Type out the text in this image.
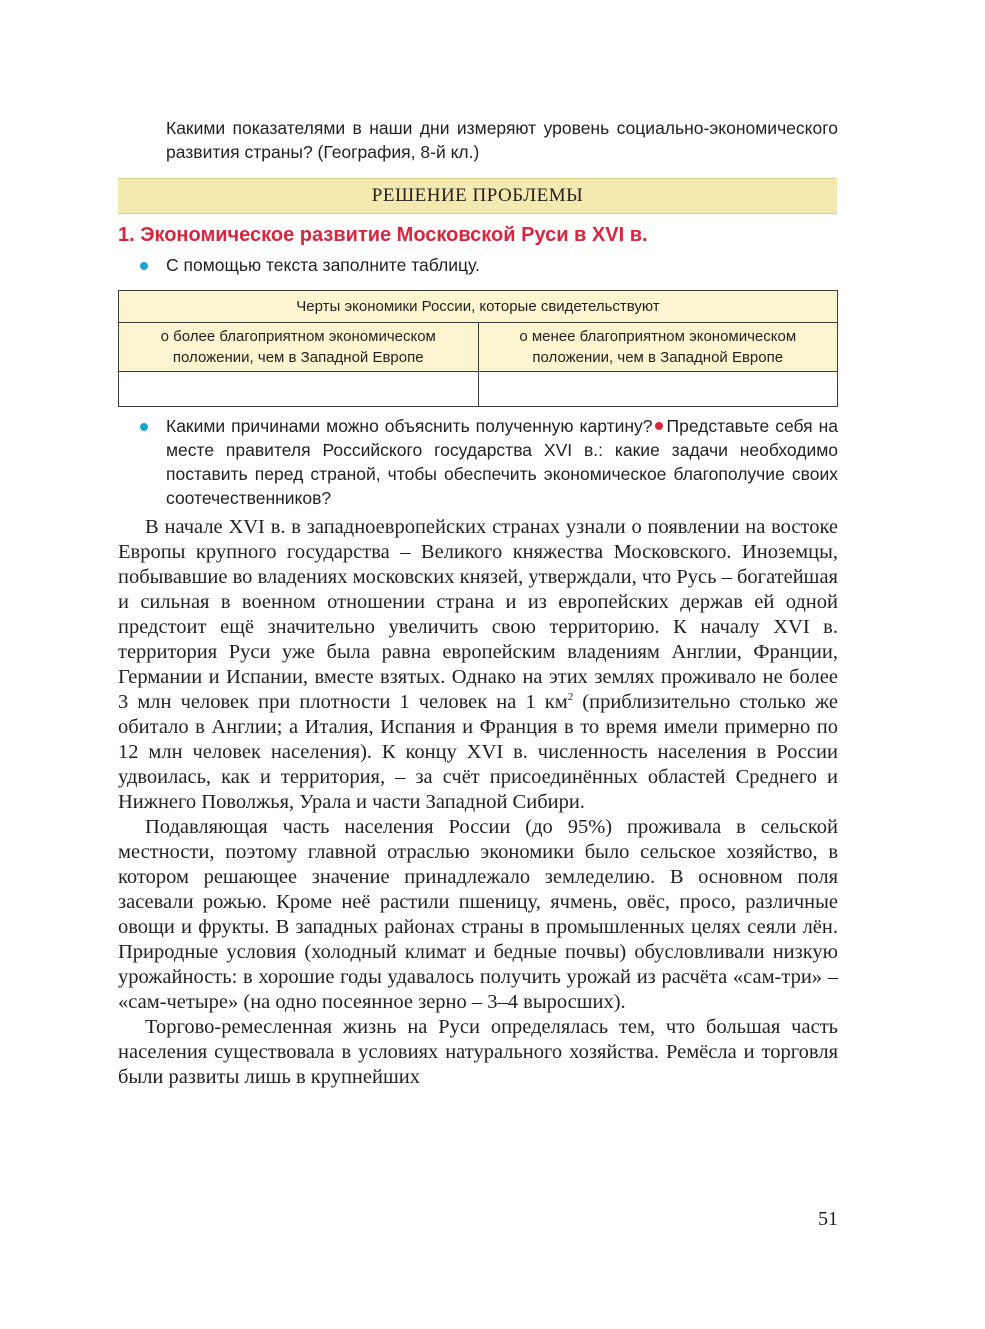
Какими показателями в наши дни измеряют уровень социально-экономического развития страны? (География, 8-й кл.)
РЕШЕНИЕ ПРОБЛЕМЫ
1. Экономическое развитие Московской Руси в XVI в.
С помощью текста заполните таблицу.
Черты экономики России, которые свидетельствуют	
о более благоприятном экономическом положении, чем в Западной Европе	о менее благоприятном экономическом положении, чем в Западной Европе

Какими причинами можно объяснить полученную картину? Представьте себя на месте правителя Российского государства XVI в.: какие задачи необходимо поставить перед страной, чтобы обеспечить экономическое благополучие своих соотечественников?

В начале XVI в. в западноевропейских странах узнали о появлении на востоке Европы крупного государства – Великого княжества Московского. Иноземцы, побывавшие во владениях московских князей, утверждали, что Русь – богатейшая и сильная в военном отношении страна и из европейских держав ей одной предстоит ещё значительно увеличить свою территорию. К началу XVI в. территория Руси уже была равна европейским владениям Англии, Франции, Германии и Испании, вместе взятых. Однако на этих землях проживало не более 3 млн человек при плотности 1 человек на 1 $км^2$ (приблизительно столько же обитало в Англии; а Италия, Испания и Франция в то время имели примерно по 12 млн человек населения). К концу XVI в. численность населения в России удвоилась, как и территория, – за счёт присоединённых областей Среднего и Нижнего Поволжья, Урала и части Западной Сибири.

Подавляющая часть населения России (до 95%) проживала в сельской местности, поэтому главной отраслью экономики было сельское хозяйство, в котором решающее значение принадлежало земледелию. В основном поля засевали рожью. Кроме неё растили пшеницу, ячмень, овёс, просо, различные овощи и фрукты. В западных районах страны в промышленных целях сеяли лён. Природные условия (холодный климат и бедные почвы) обусловливали низкую урожайность: в хорошие годы удавалось получить урожай из расчёта «сам-три» – «сам-четыре» (на одно посеянное зерно – 3–4 выросших).

Торгово-ремесленная жизнь на Руси определялась тем, что большая часть населения существовала в условиях натурального хозяйства. Ремёсла и торговля были развиты лишь в крупнейших

51
